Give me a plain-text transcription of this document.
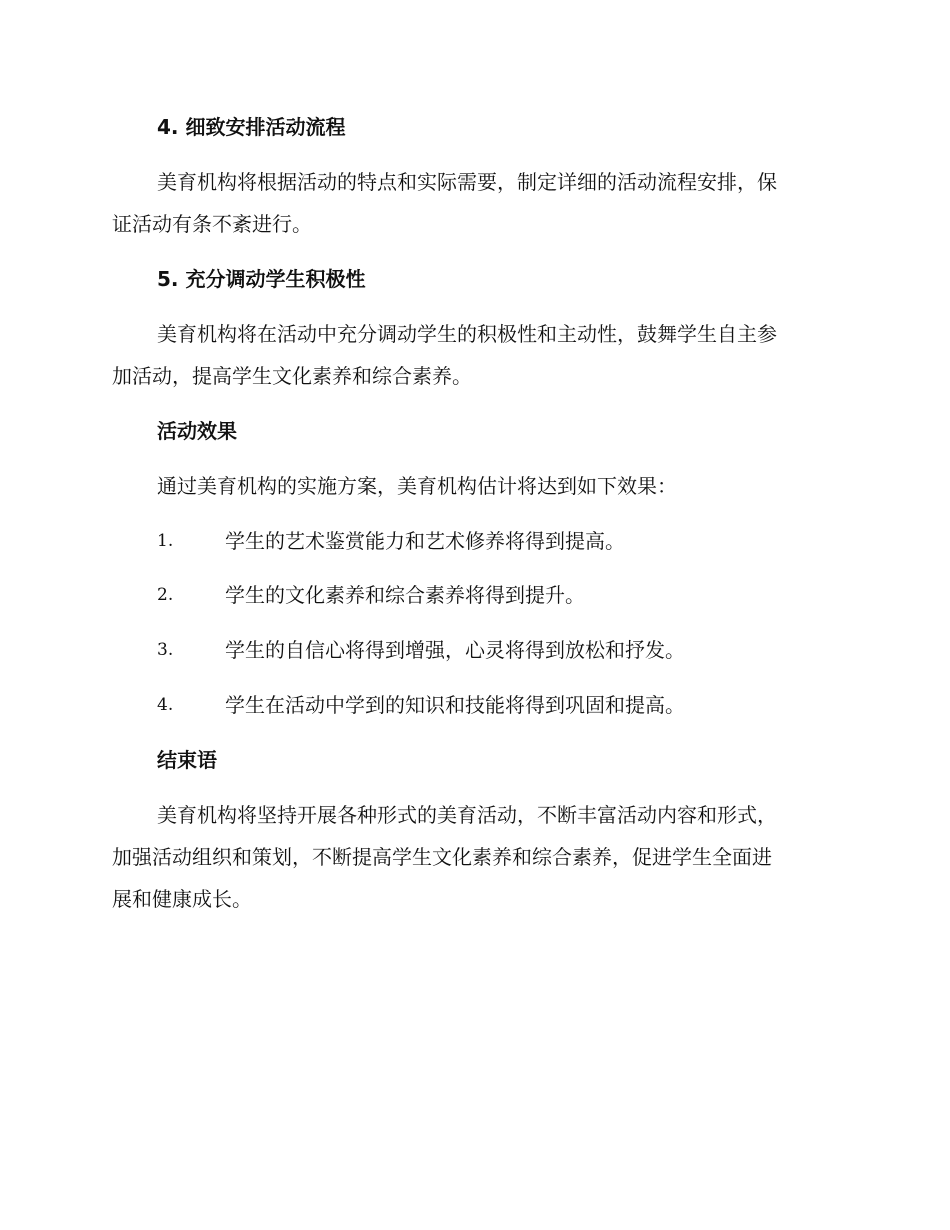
4. 细致安排活动流程
美育机构将根据活动的特点和实际需要，制定详细的活动流程安排，保
证活动有条不紊进行。
5. 充分调动学生积极性
美育机构将在活动中充分调动学生的积极性和主动性，鼓舞学生自主参
加活动，提高学生文化素养和综合素养。
活动效果
通过美育机构的实施方案，美育机构估计将达到如下效果：
1.	学生的艺术鉴赏能力和艺术修养将得到提高。
2.	学生的文化素养和综合素养将得到提升。
3.	学生的自信心将得到增强，心灵将得到放松和抒发。
4.	学生在活动中学到的知识和技能将得到巩固和提高。
结束语
美育机构将坚持开展各种形式的美育活动，不断丰富活动内容和形式，
加强活动组织和策划，不断提高学生文化素养和综合素养，促进学生全面进
展和健康成长。
